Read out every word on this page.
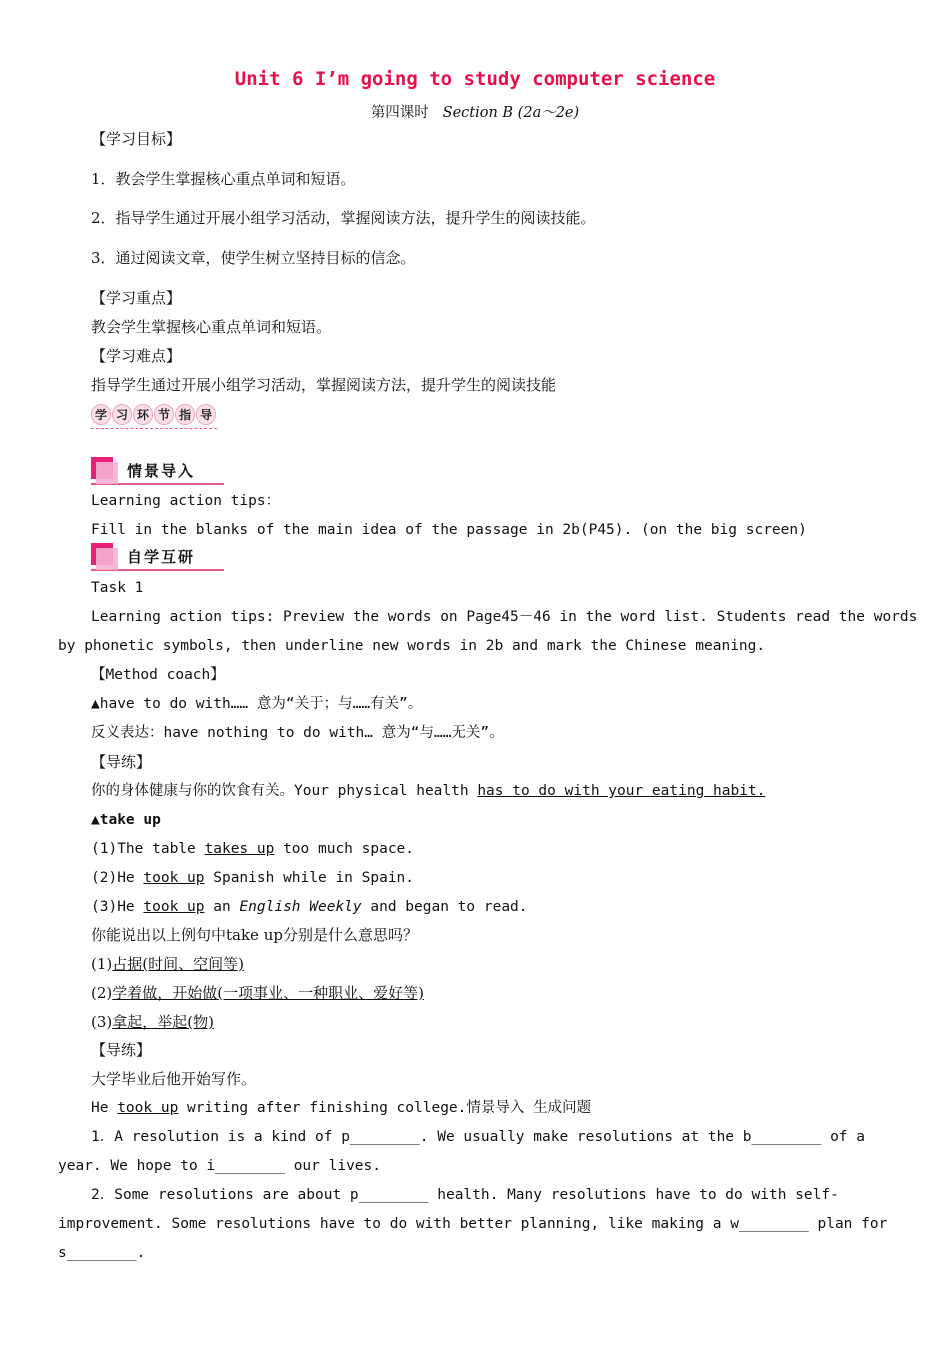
Unit 6 I’m going to study computer science
第四课时 Section B (2a～2e)
【学习目标】
1．教会学生掌握核心重点单词和短语。
2．指导学生通过开展小组学习活动，掌握阅读方法，提升学生的阅读技能。
3．通过阅读文章，使学生树立坚持目标的信念。
【学习重点】
教会学生掌握核心重点单词和短语。
【学习难点】
指导学生通过开展小组学习活动，掌握阅读方法，提升学生的阅读技能
学 习 环 节 指 导
情景导入
Learning action tips：
Fill in the blanks of the main idea of the passage in 2b(P45). (on the big screen)
自学互研
Task 1
Learning action tips: Preview the words on Page45－46 in the word list. Students read the words
by phonetic symbols, then underline new words in 2b and mark the Chinese meaning.
【Method coach】
▲have to do with…… 意为“关于；与……有关”。
反义表达：have nothing to do with… 意为“与……无关”。
【导练】
你的身体健康与你的饮食有关。Your physical health has to do with your eating habit.
▲take up
(1)The table takes up too much space.
(2)He took up Spanish while in Spain.
(3)He took up an English Weekly and began to read.
你能说出以上例句中take up分别是什么意思吗？
(1)占据(时间、空间等)
(2)学着做，开始做(一项事业、一种职业、爱好等)
(3)拿起，举起(物)
【导练】
大学毕业后他开始写作。
He took up writing after finishing college.情景导入 生成问题
1．A resolution is a kind of p________. We usually make resolutions at the b________ of a
year. We hope to i________ our lives.
2．Some resolutions are about p________ health. Many resolutions have to do with self-
improvement. Some resolutions have to do with better planning, like making a w________ plan for
s________.
